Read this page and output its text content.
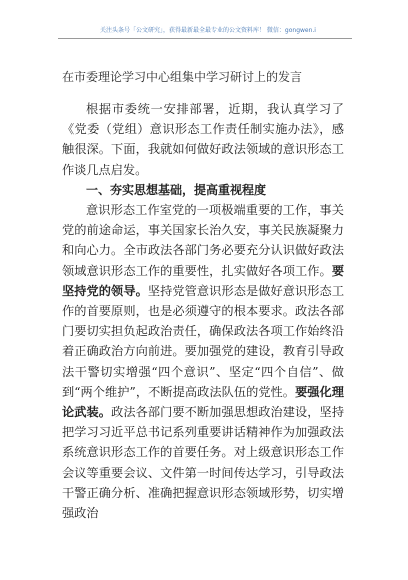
关注头条号「公文研究」，获得最新最全最专业的公文资料库！ 微信：gongwen.i
在市委理论学习中心组集中学习研讨上的发言

根据市委统一安排部署，近期，我认真学习了《党委（党组）意识形态工作责任制实施办法》，感触很深。下面，我就如何做好政法领域的意识形态工作谈几点启发。

一、夯实思想基础，提高重视程度

意识形态工作室党的一项极端重要的工作，事关党的前途命运，事关国家长治久安，事关民族凝聚力和向心力。全市政法各部门务必要充分认识做好政法领域意识形态工作的重要性，扎实做好各项工作。要坚持党的领导。坚持党管意识形态是做好意识形态工作的首要原则，也是必须遵守的根本要求。政法各部门要切实担负起政治责任，确保政法各项工作始终沿着正确政治方向前进。要加强党的建设，教育引导政法干警切实增强“四个意识”、坚定“四个自信”、做到“两个维护”，不断提高政法队伍的党性。要强化理论武装。政法各部门要不断加强思想政治建设，坚持把学习习近平总书记系列重要讲话精神作为加强政法系统意识形态工作的首要任务。对上级意识形态工作会议等重要会议、文件第一时间传达学习，引导政法干警正确分析、准确把握意识形态领域形势，切实增强政治
